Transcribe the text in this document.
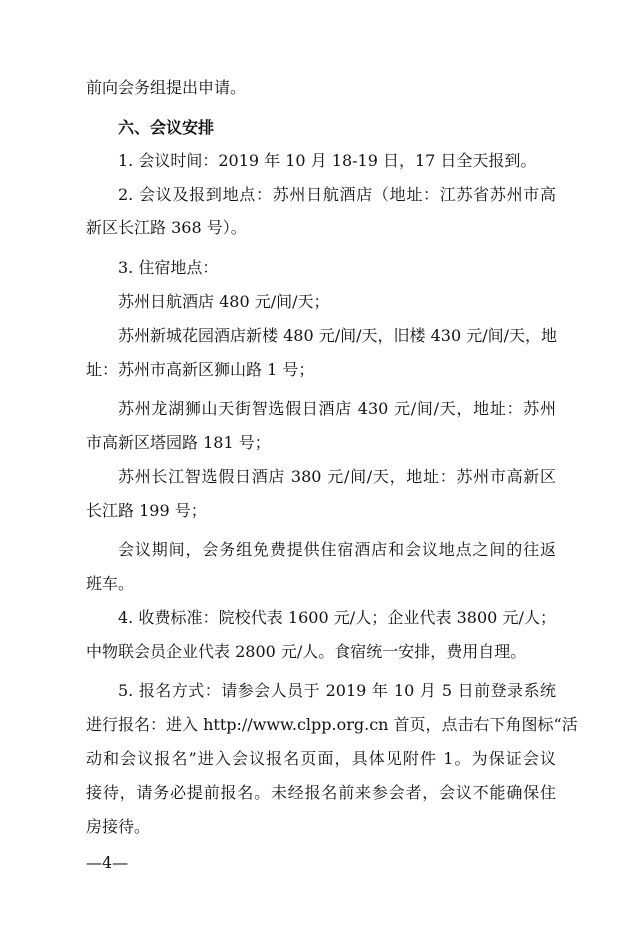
前向会务组提出申请。
六、会议安排
1. 会议时间：2019 年 10 月 18-19 日，17 日全天报到。
2. 会议及报到地点：苏州日航酒店（地址：江苏省苏州市高
新区长江路 368 号）。
3. 住宿地点：
苏州日航酒店 480 元/间/天；
苏州新城花园酒店新楼 480 元/间/天，旧楼 430 元/间/天，地
址：苏州市高新区狮山路 1 号；
苏州龙湖狮山天街智选假日酒店 430 元/间/天，地址：苏州
市高新区塔园路 181 号；
苏州长江智选假日酒店 380 元/间/天，地址：苏州市高新区
长江路 199 号；
会议期间，会务组免费提供住宿酒店和会议地点之间的往返
班车。
4. 收费标准：院校代表 1600 元/人；企业代表 3800 元/人；
中物联会员企业代表 2800 元/人。食宿统一安排，费用自理。
5. 报名方式：请参会人员于 2019 年 10 月 5 日前登录系统
进行报名：进入 http://www.clpp.org.cn 首页，点击右下角图标“活
动和会议报名”进入会议报名页面，具体见附件 1。为保证会议
接待，请务必提前报名。未经报名前来参会者，会议不能确保住
房接待。
—4—
